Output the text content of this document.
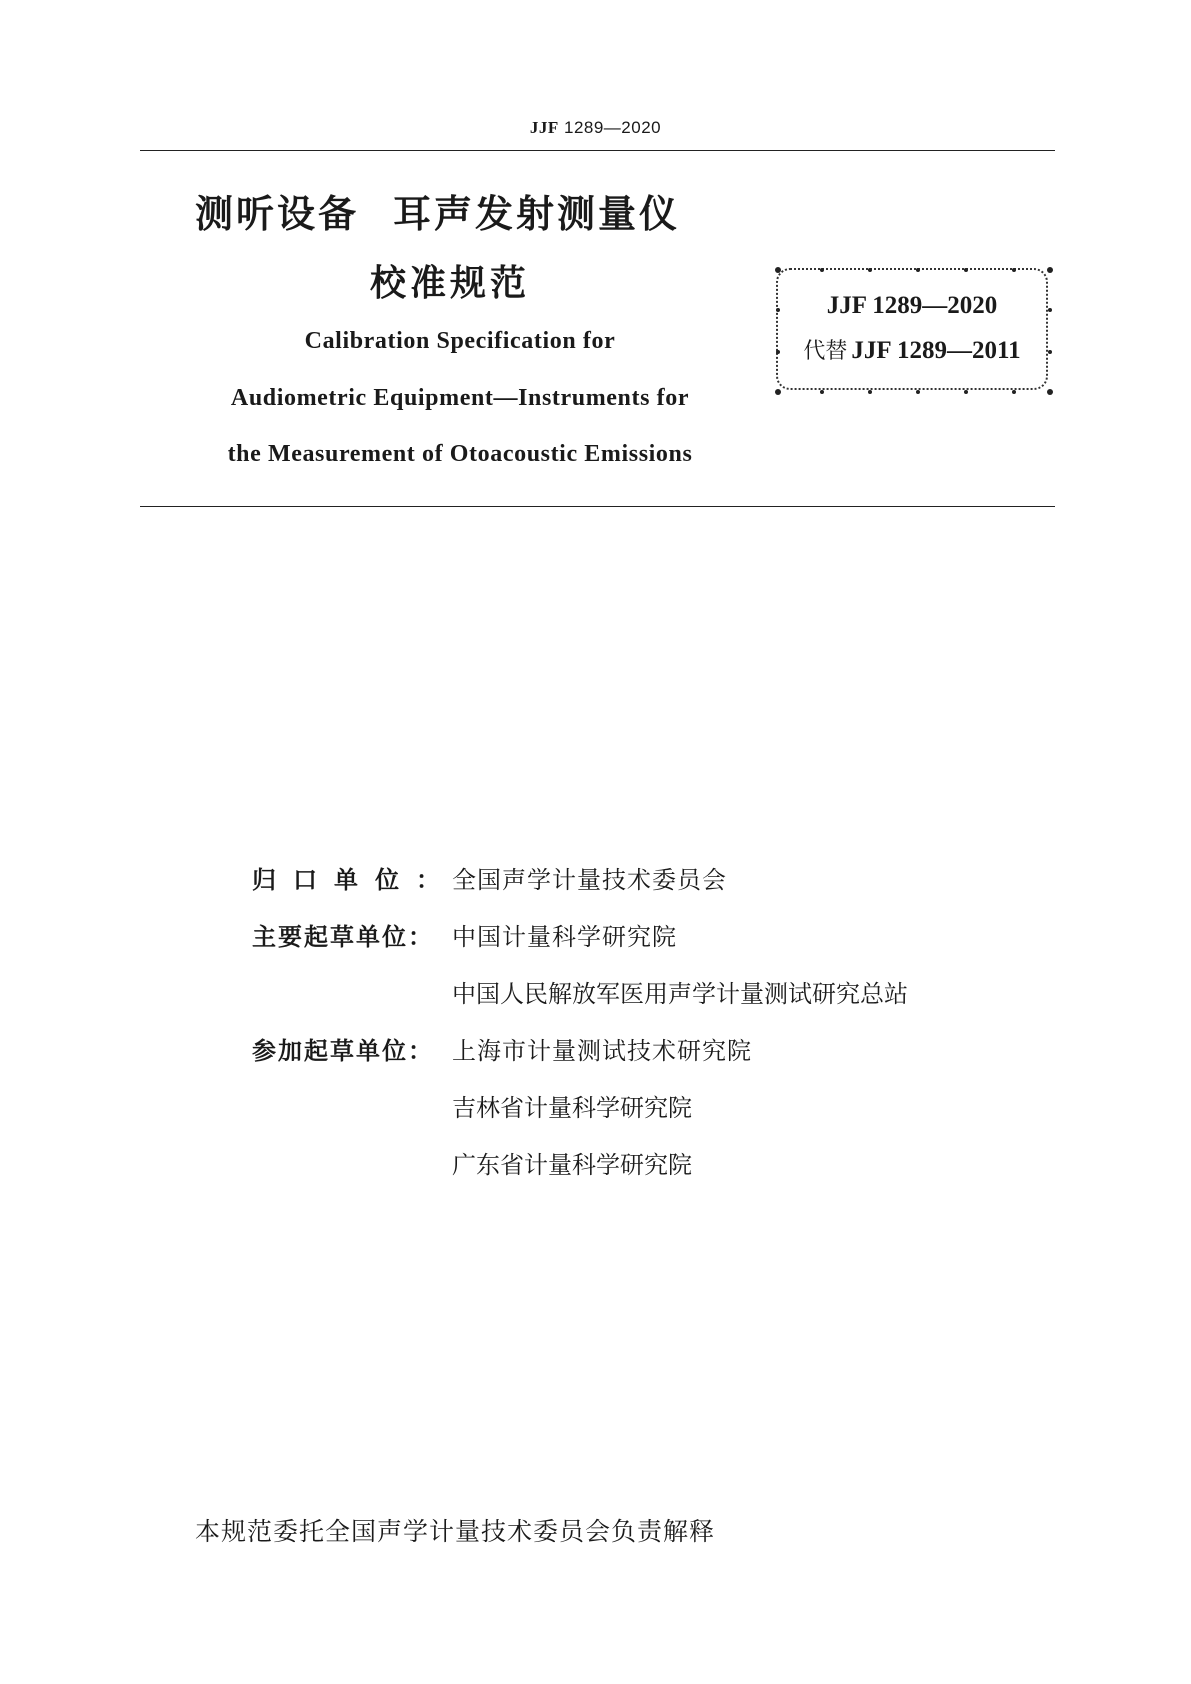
JJF 1289—2020
测听设备 耳声发射测量仪
校准规范
Calibration Specification for
Audiometric Equipment—Instruments for
the Measurement of Otoacoustic Emissions
JJF 1289—2020
代替 JJF 1289—2011
归口单位：全国声学计量技术委员会
主要起草单位： 中国计量科学研究院
中国人民解放军医用声学计量测试研究总站
参加起草单位： 上海市计量测试技术研究院
吉林省计量科学研究院
广东省计量科学研究院
本规范委托全国声学计量技术委员会负责解释
